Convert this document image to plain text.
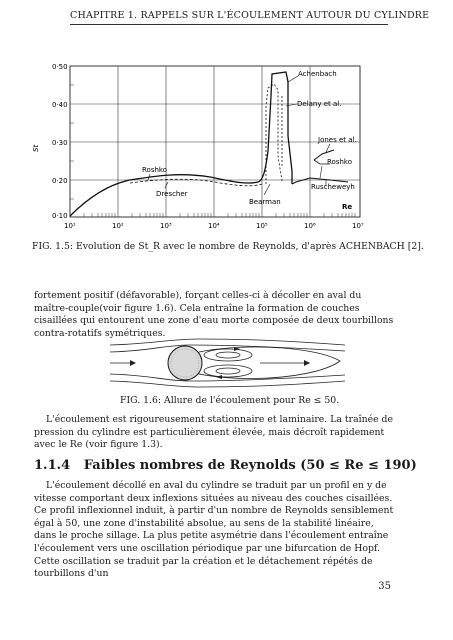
CHAPITRE 1. RAPPELS SUR L'ÉCOULEMENT AUTOUR DU CYLINDRE
0·50
0·40
0·30
0·20
0·10
St
10¹	10²	10³	10⁴	10⁵	10⁶	10⁷
Achenbach
Delany et al.
Jones et al.
Roshko
Ruscheweyh
Roshko
Drescher
Bearman
Re
FIG. 1.5: Evolution de St_R avec le nombre de Reynolds, d'après ACHENBACH [2].

fortement positif (défavorable), forçant celles-ci à décoller en aval du maître-couple(voir figure 1.6). Cela entraîne la formation de couches cisaillées qui entourent une zone d'eau morte composée de deux tourbillons contra-rotatifs symétriques.

FIG. 1.6: Allure de l'écoulement pour Re ≤ 50.

L'écoulement est rigoureusement stationnaire et laminaire. La traînée de pression du cylindre est particulièrement élevée, mais décroît rapidement avec le Re (voir figure 1.3).

1.1.4 Faibles nombres de Reynolds (50 ≤ Re ≤ 190)

L'écoulement décollé en aval du cylindre se traduit par un profil en y de vitesse comportant deux inflexions situées au niveau des couches cisaillées. Ce profil inflexionnel induit, à partir d'un nombre de Reynolds sensiblement égal à 50, une zone d'instabilité absolue, au sens de la stabilité linéaire, dans le proche sillage. La plus petite asymétrie dans l'écoulement entraîne l'écoulement vers une oscillation périodique par une bifurcation de Hopf. Cette oscillation se traduit par la création et le détachement répétés de tourbillons d'un

35
